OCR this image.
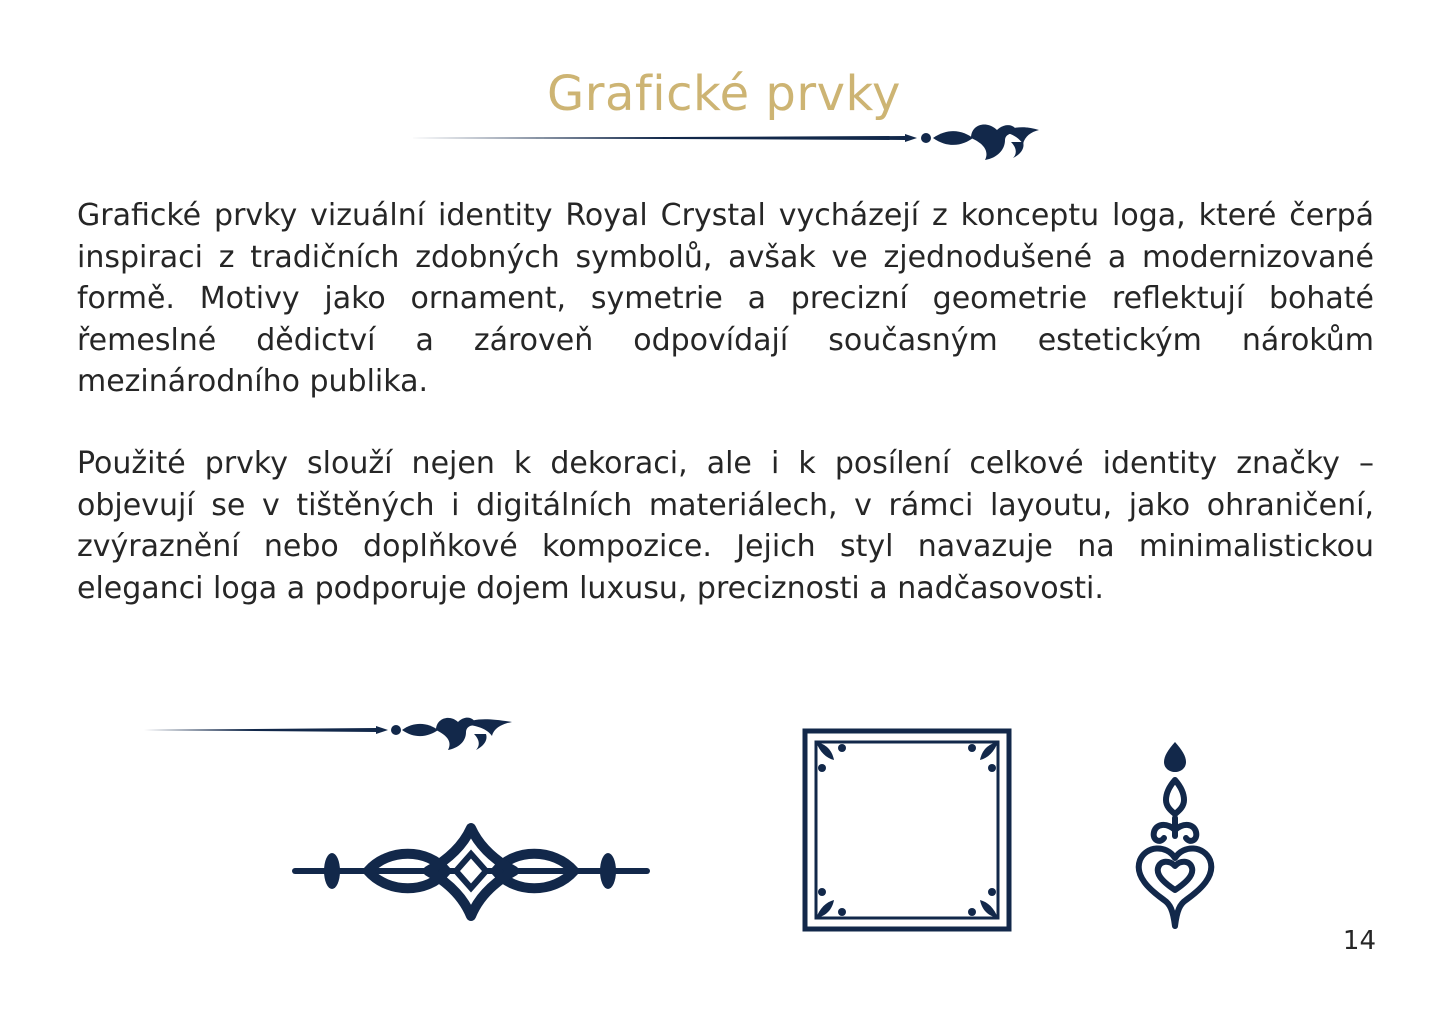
Grafické prvky

Grafické prvky vizuální identity Royal Crystal vycházejí z konceptu loga, které čerpá inspiraci z tradičních zdobných symbolů, avšak ve zjednodušené a modernizované formě. Motivy jako ornament, symetrie a precizní geometrie reflektují bohaté řemeslné dědictví a zároveň odpovídají současným estetickým nárokům mezinárodního publika.

Použité prvky slouží nejen k dekoraci, ale i k posílení celkové identity značky – objevují se v tištěných i digitálních materiálech, v rámci layoutu, jako ohraničení, zvýraznění nebo doplňkové kompozice. Jejich styl navazuje na minimalistickou eleganci loga a podporuje dojem luxusu, preciznosti a nadčasovosti.

14
